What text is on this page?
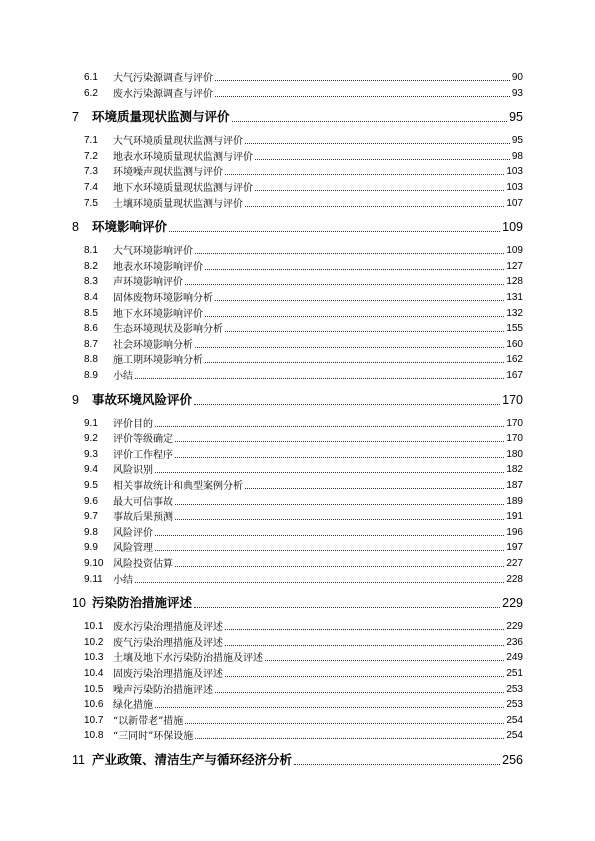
6.1 大气污染源调查与评价	90
6.2 废水污染源调查与评价	93
7 环境质量现状监测与评价	95
7.1 大气环境质量现状监测与评价	95
7.2 地表水环境质量现状监测与评价	98
7.3 环境噪声现状监测与评价	103
7.4 地下水环境质量现状监测与评价	103
7.5 土壤环境质量现状监测与评价	107
8 环境影响评价	109
8.1 大气环境影响评价	109
8.2 地表水环境影响评价	127
8.3 声环境影响评价	128
8.4 固体废物环境影响分析	131
8.5 地下水环境影响评价	132
8.6 生态环境现状及影响分析	155
8.7 社会环境影响分析	160
8.8 施工期环境影响分析	162
8.9 小结	167
9 事故环境风险评价	170
9.1 评价目的	170
9.2 评价等级确定	170
9.3 评价工作程序	180
9.4 风险识别	182
9.5 相关事故统计和典型案例分析	187
9.6 最大可信事故	189
9.7 事故后果预测	191
9.8 风险评价	196
9.9 风险管理	197
9.10 风险投资估算	227
9.11 小结	228
10 污染防治措施评述	229
10.1 废水污染治理措施及评述	229
10.2 废气污染治理措施及评述	236
10.3 土壤及地下水污染防治措施及评述	249
10.4 固废污染治理措施及评述	251
10.5 噪声污染防治措施评述	253
10.6 绿化措施	253
10.7 “以新带老”措施	254
10.8 “三同时”环保设施	254
11 产业政策、清洁生产与循环经济分析	256
